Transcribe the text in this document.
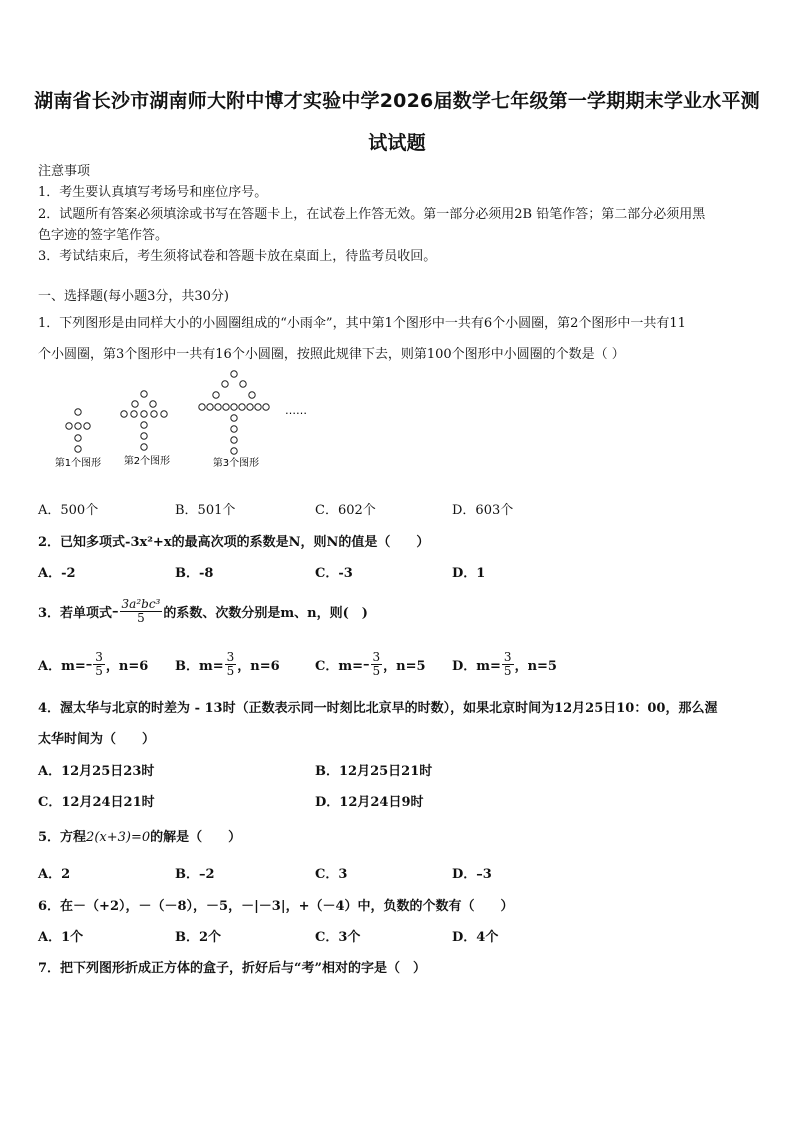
湖南省长沙市湖南师大附中博才实验中学2026届数学七年级第一学期期末学业水平测
试试题
注意事项
1．考生要认真填写考场号和座位序号。
2．试题所有答案必须填涂或书写在答题卡上，在试卷上作答无效。第一部分必须用2B 铅笔作答；第二部分必须用黑
色字迹的签字笔作答。
3．考试结束后，考生须将试卷和答题卡放在桌面上，待监考员收回。
一、选择题(每小题3分，共30分)
1．下列图形是由同样大小的小圆圈组成的“小雨伞”，其中第1个图形中一共有6个小圆圈，第2个图形中一共有11
个小圆圈，第3个图形中一共有16个小圆圈，按照此规律下去，则第100个图形中小圆圈的个数是（ ）
第1个图形 第2个图形	第3个图形
……
A．500个	B．501个	C．602个	D．603个
2．已知多项式-3x²+x的最高次项的系数是N，则N的值是（　　）
A．-2	B．-8	C．-3	D．1
3．若单项式 – $\frac{\text{3a²bc³}}{5}$ 的系数、次数分别是m、n，则(　)
A．$m= - \frac{3}{5}$ ，n=6 B．$m= \frac{3}{5}$ ，n=6	C．$m= - \frac{3}{5}$ ，n=5 D．$m= \frac{3}{5}$ ，n=5
4．渥太华与北京的时差为 - 13时（正数表示同一时刻比北京早的时数），如果北京时间为12月25日10：00，那么渥
太华时间为（　　）
A．12月25日23时	B．12月25日21时
C．12月24日21时	D．12月24日9时
5．方程2(x+3)=0的解是（　　）
A．2	B．–2	C．3	D．–3
6．在－（+2），－（－8），－5，－|－3|，+（－4）中，负数的个数有（　　）
A．1个	B．2个	C．3个	D．4个
7．把下列图形折成正方体的盒子，折好后与“考”相对的字是（　）
